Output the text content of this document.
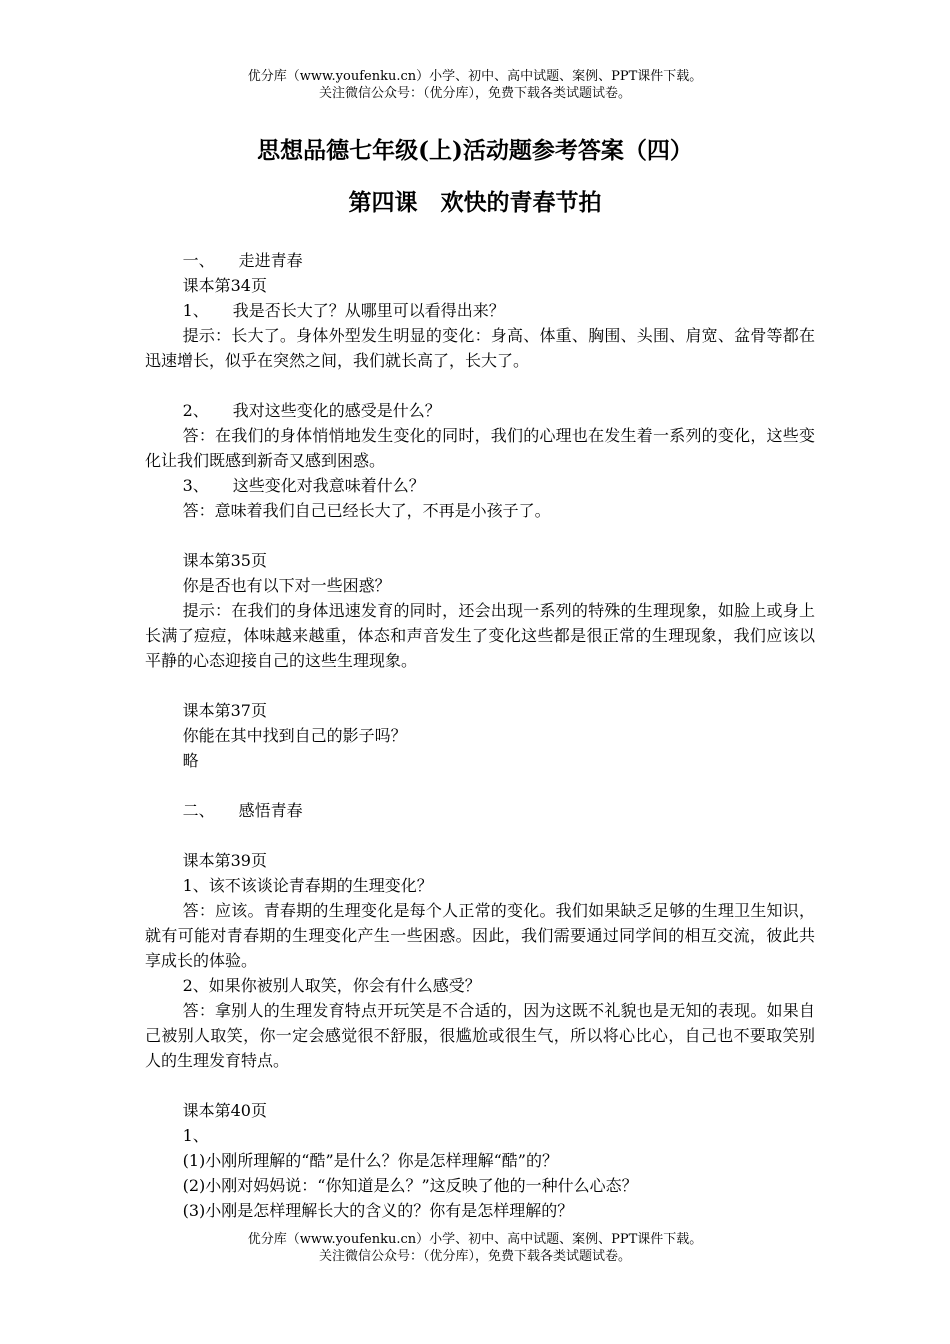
优分库（www.youfenku.cn）小学、初中、高中试题、案例、PPT课件下载。
关注微信公众号：（优分库），免费下载各类试题试卷。
思想品德七年级(上)活动题参考答案（四）
第四课　欢快的青春节拍
一、　　走进青春
课本第34页
1、　　我是否长大了？从哪里可以看得出来？
提示：长大了。身体外型发生明显的变化：身高、体重、胸围、头围、肩宽、盆骨等都在迅速增长，似乎在突然之间，我们就长高了，长大了。
2、　　我对这些变化的感受是什么？
答：在我们的身体悄悄地发生变化的同时，我们的心理也在发生着一系列的变化，这些变化让我们既感到新奇又感到困惑。
3、　　这些变化对我意味着什么？
答：意味着我们自己已经长大了，不再是小孩子了。
课本第35页
你是否也有以下对一些困惑？
提示：在我们的身体迅速发育的同时，还会出现一系列的特殊的生理现象，如脸上或身上长满了痘痘，体味越来越重，体态和声音发生了变化这些都是很正常的生理现象，我们应该以平静的心态迎接自己的这些生理现象。
课本第37页
你能在其中找到自己的影子吗？
略
二、　　感悟青春
课本第39页
1、该不该谈论青春期的生理变化？
答：应该。青春期的生理变化是每个人正常的变化。我们如果缺乏足够的生理卫生知识，就有可能对青春期的生理变化产生一些困惑。因此，我们需要通过同学间的相互交流，彼此共享成长的体验。
2、如果你被别人取笑，你会有什么感受？
答：拿别人的生理发育特点开玩笑是不合适的，因为这既不礼貌也是无知的表现。如果自己被别人取笑，你一定会感觉很不舒服，很尴尬或很生气，所以将心比心，自己也不要取笑别人的生理发育特点。
课本第40页
1、
(1)小刚所理解的“酷”是什么？你是怎样理解“酷”的？
(2)小刚对妈妈说：“你知道是么？”这反映了他的一种什么心态？
(3)小刚是怎样理解长大的含义的？你有是怎样理解的？
优分库（www.youfenku.cn）小学、初中、高中试题、案例、PPT课件下载。
关注微信公众号：（优分库），免费下载各类试题试卷。
